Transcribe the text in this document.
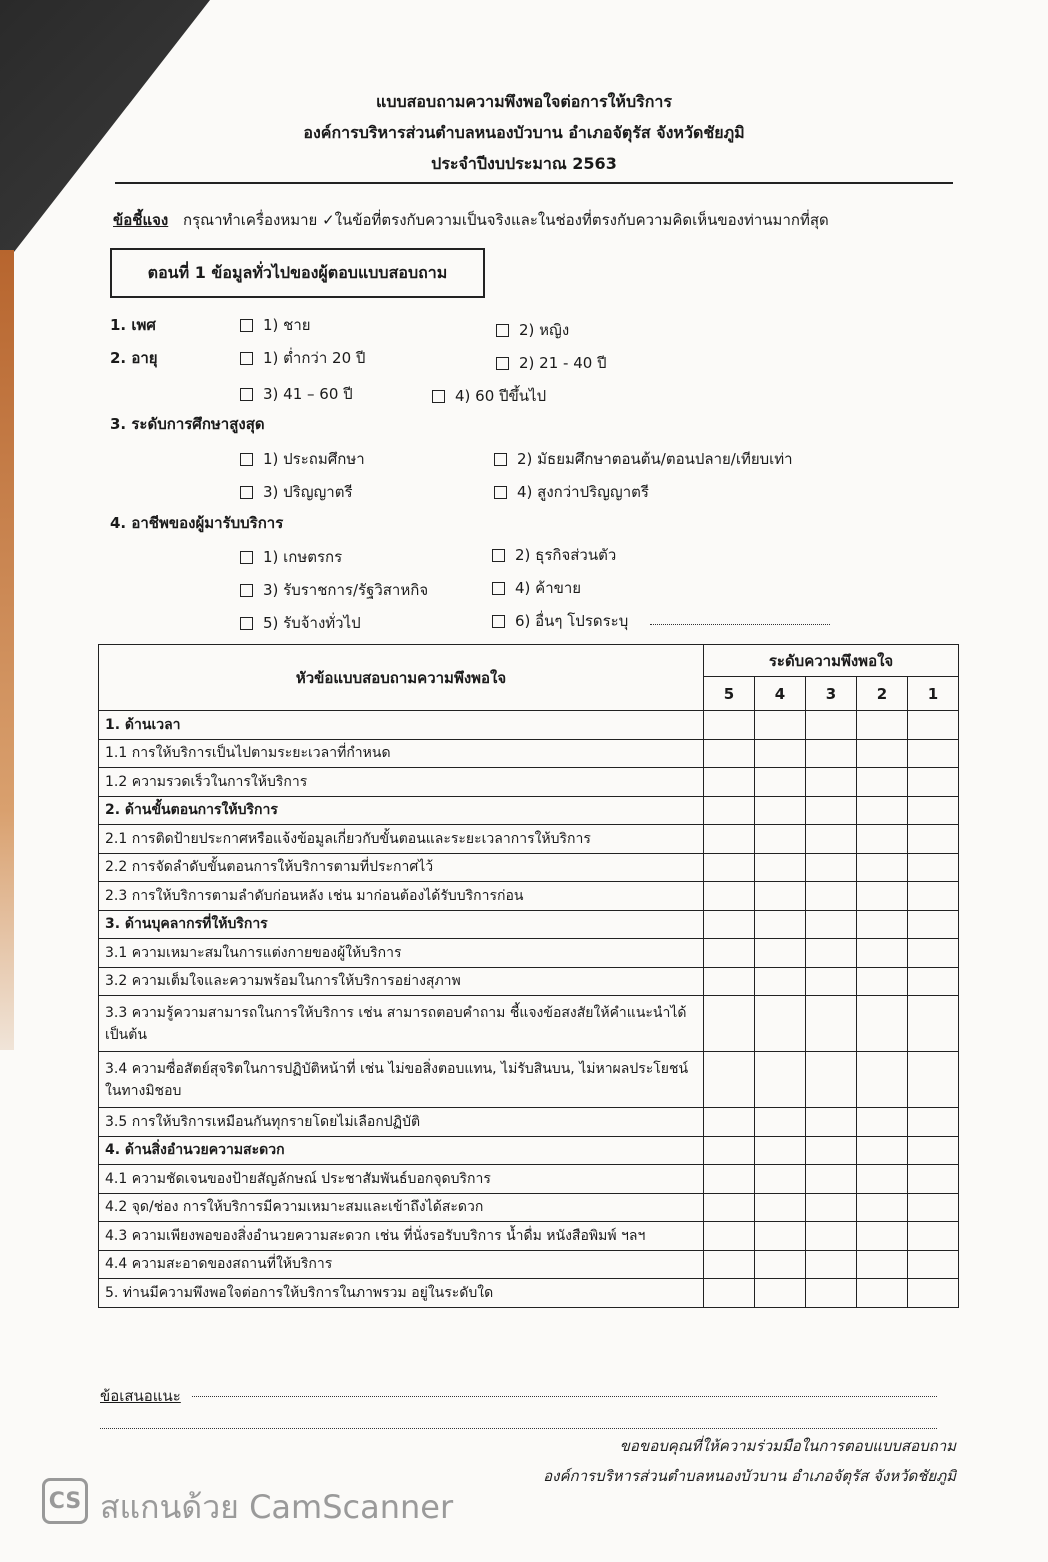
แบบสอบถามความพึงพอใจต่อการให้บริการ
องค์การบริหารส่วนตำบลหนองบัวบาน อำเภอจัตุรัส จังหวัดชัยภูมิ
ประจำปีงบประมาณ 2563
ข้อชี้แจง กรุณาทำเครื่องหมาย ✓ในข้อที่ตรงกับความเป็นจริงและในช่องที่ตรงกับความคิดเห็นของท่านมากที่สุด
ตอนที่ 1 ข้อมูลทั่วไปของผู้ตอบแบบสอบถาม
1. เพศ	1) ชาย	2) หญิง
2. อายุ	1) ต่ำกว่า 20 ปี	2) 21 - 40 ปี
3) 41 – 60 ปี	4) 60 ปีขึ้นไป
3. ระดับการศึกษาสูงสุด
1) ประถมศึกษา	2) มัธยมศึกษาตอนต้น/ตอนปลาย/เทียบเท่า
3) ปริญญาตรี	4) สูงกว่าปริญญาตรี
4. อาชีพของผู้มารับบริการ
1) เกษตรกร	2) ธุรกิจส่วนตัว
3) รับราชการ/รัฐวิสาหกิจ	4) ค้าขาย
5) รับจ้างทั่วไป	6) อื่นๆ โปรดระบุ
หัวข้อแบบสอบถามความพึงพอใจ	ระดับความพึงพอใจ				
	5	4	3	2	1
1. ด้านเวลา					
1.1 การให้บริการเป็นไปตามระยะเวลาที่กำหนด					
1.2 ความรวดเร็วในการให้บริการ					
2. ด้านขั้นตอนการให้บริการ					
2.1 การติดป้ายประกาศหรือแจ้งข้อมูลเกี่ยวกับขั้นตอนและระยะเวลาการให้บริการ					
2.2 การจัดลำดับขั้นตอนการให้บริการตามที่ประกาศไว้					
2.3 การให้บริการตามลำดับก่อนหลัง เช่น มาก่อนต้องได้รับบริการก่อน					
3. ด้านบุคลากรที่ให้บริการ					
3.1 ความเหมาะสมในการแต่งกายของผู้ให้บริการ					
3.2 ความเต็มใจและความพร้อมในการให้บริการอย่างสุภาพ					
3.3 ความรู้ความสามารถในการให้บริการ เช่น สามารถตอบคำถาม ชี้แจงข้อสงสัยให้คำแนะนำได้เป็นต้น					
3.4 ความซื่อสัตย์สุจริตในการปฏิบัติหน้าที่ เช่น ไม่ขอสิ่งตอบแทน, ไม่รับสินบน, ไม่หาผลประโยชน์ในทางมิชอบ					
3.5 การให้บริการเหมือนกันทุกรายโดยไม่เลือกปฏิบัติ					
4. ด้านสิ่งอำนวยความสะดวก					
4.1 ความชัดเจนของป้ายสัญลักษณ์ ประชาสัมพันธ์บอกจุดบริการ					
4.2 จุด/ช่อง การให้บริการมีความเหมาะสมและเข้าถึงได้สะดวก					
4.3 ความเพียงพอของสิ่งอำนวยความสะดวก เช่น ที่นั่งรอรับบริการ น้ำดื่ม หนังสือพิมพ์ ฯลฯ					
4.4 ความสะอาดของสถานที่ให้บริการ					
5. ท่านมีความพึงพอใจต่อการให้บริการในภาพรวม อยู่ในระดับใด					
ข้อเสนอแนะ
ขอขอบคุณที่ให้ความร่วมมือในการตอบแบบสอบถาม
องค์การบริหารส่วนตำบลหนองบัวบาน อำเภอจัตุรัส จังหวัดชัยภูมิ
CS สแกนด้วย CamScanner
